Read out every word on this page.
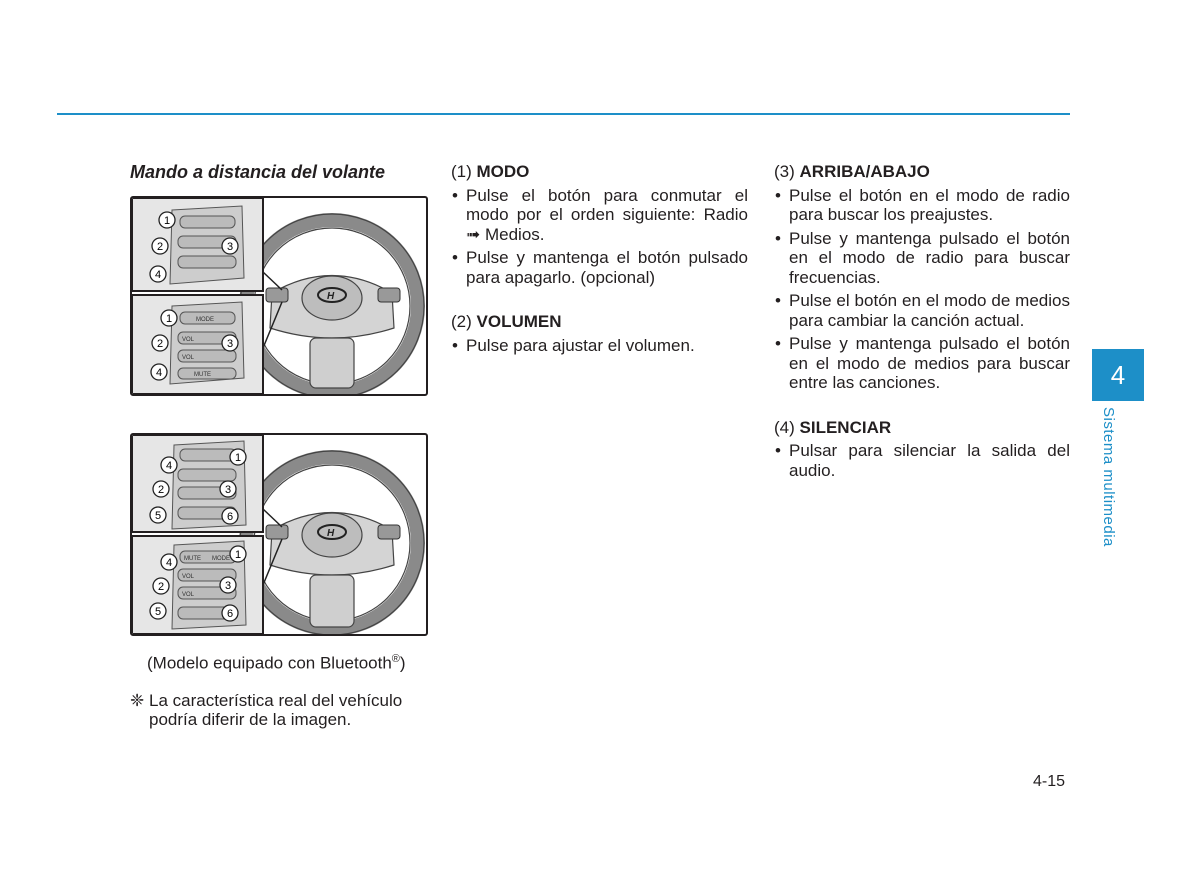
Mando a distancia del volante
H
1
2	3
4
MODE
VOL
VOL
MUTE
1
2	3
4
H
4
1
2	3
5	6
MUTE MODE
VOL
VOL
4
1
2	3
5	6
(Modelo equipado con Bluetooth®)
❈ La característica real del vehículo podría diferir de la imagen.
(1) MODO
• Pulse el botón para conmutar el modo por el orden siguiente: Radio ➟ Medios.
• Pulse y mantenga el botón pulsado para apagarlo. (opcional)
(2) VOLUMEN
• Pulse para ajustar el volumen.
(3) ARRIBA/ABAJO
• Pulse el botón en el modo de radio para buscar los preajustes.
• Pulse y mantenga pulsado el botón en el modo de radio para buscar frecuencias.
• Pulse el botón en el modo de medios para cambiar la canción actual.
• Pulse y mantenga pulsado el botón en el modo de medios para buscar entre las canciones.
(4) SILENCIAR
• Pulsar para silenciar la salida del audio.
4
Sistema multimedia
4-15
